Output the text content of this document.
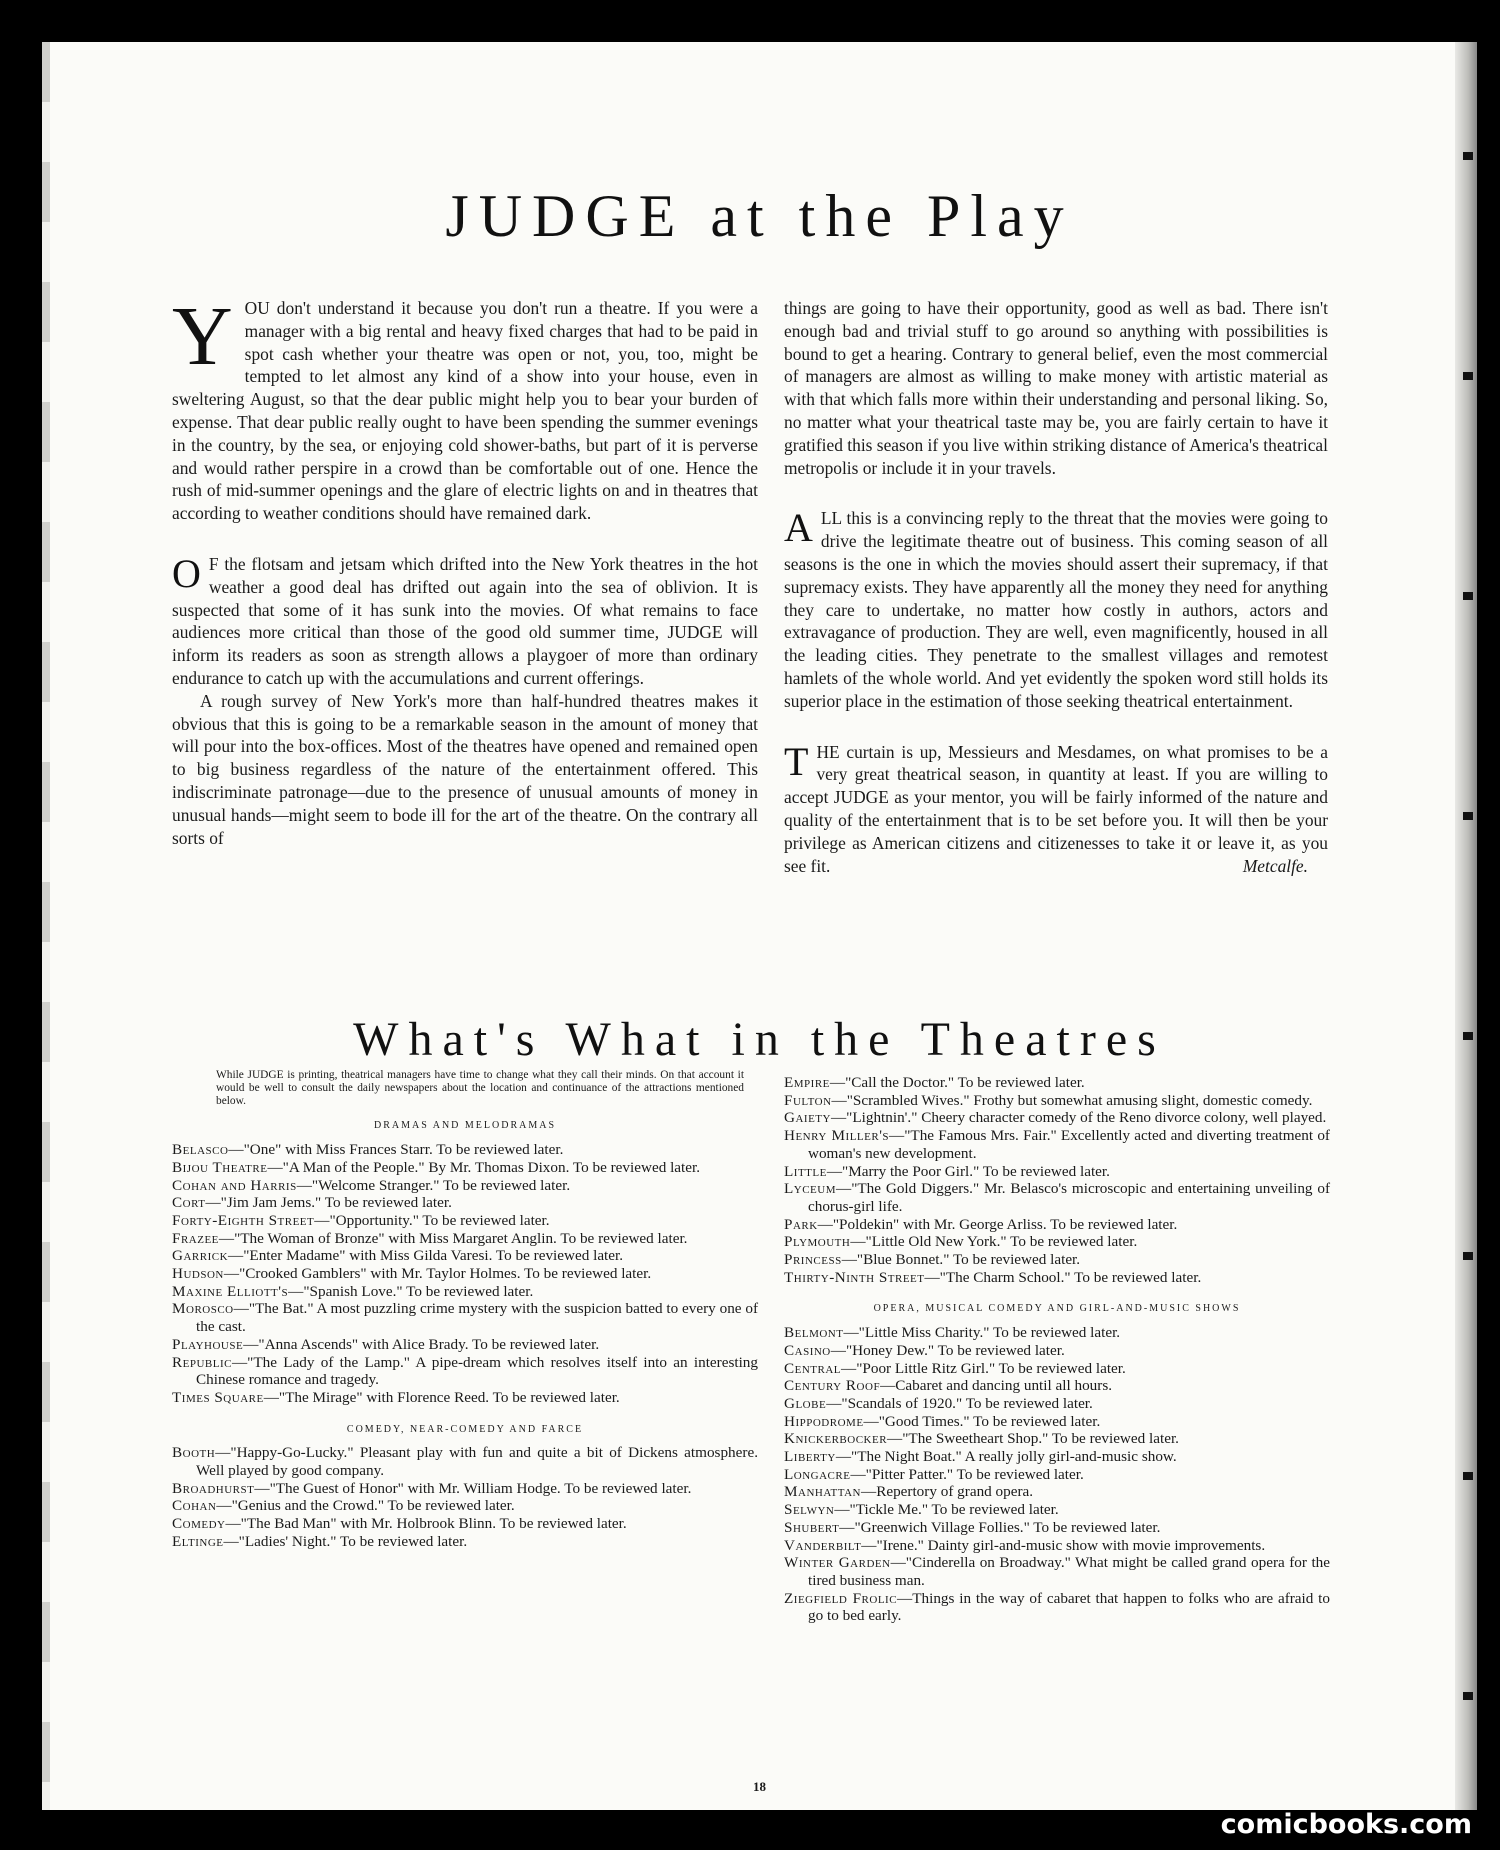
JUDGE at the Play

YOU don't understand it because you don't run a theatre. If you were a manager with a big rental and heavy fixed charges that had to be paid in spot cash whether your theatre was open or not, you, too, might be tempted to let almost any kind of a show into your house, even in sweltering August, so that the dear public might help you to bear your burden of expense. That dear public really ought to have been spending the summer evenings in the country, by the sea, or enjoying cold shower-baths, but part of it is perverse and would rather perspire in a crowd than be comfortable out of one. Hence the rush of mid-summer openings and the glare of electric lights on and in theatres that according to weather conditions should have remained dark.

O F the flotsam and jetsam which drifted into the New York theatres in the hot weather a good deal has drifted out again into the sea of oblivion. It is suspected that some of it has sunk into the movies. Of what remains to face audiences more critical than those of the good old summer time, JUDGE will inform its readers as soon as strength allows a playgoer of more than ordinary endurance to catch up with the accumulations and current offerings.

A rough survey of New York's more than half-hundred theatres makes it obvious that this is going to be a remarkable season in the amount of money that will pour into the box-offices. Most of the theatres have opened and remained open to big business regardless of the nature of the entertainment offered. This indiscriminate patronage—due to the presence of unusual amounts of money in unusual hands—might seem to bode ill for the art of the theatre. On the contrary all sorts of

things are going to have their opportunity, good as well as bad. There isn't enough bad and trivial stuff to go around so anything with possibilities is bound to get a hearing. Contrary to general belief, even the most commercial of managers are almost as willing to make money with artistic material as with that which falls more within their understanding and personal liking. So, no matter what your theatrical taste may be, you are fairly certain to have it gratified this season if you live within striking distance of America's theatrical metropolis or include it in your travels.

ALL this is a convincing reply to the threat that the movies were going to drive the legitimate theatre out of business. This coming season of all seasons is the one in which the movies should assert their supremacy, if that supremacy exists. They have apparently all the money they need for anything they care to undertake, no matter how costly in authors, actors and extravagance of production. They are well, even magnificently, housed in all the leading cities. They penetrate to the smallest villages and remotest hamlets of the whole world. And yet evidently the spoken word still holds its superior place in the estimation of those seeking theatrical entertainment.

THE curtain is up, Messieurs and Mesdames, on what promises to be a very great theatrical season, in quantity at least. If you are willing to accept JUDGE as your mentor, you will be fairly informed of the nature and quality of the entertainment that is to be set before you. It will then be your privilege as American citizens and citizenesses to take it or leave it, as you see fit.	Metcalfe.

What's What in the Theatres
While JUDGE is printing, theatrical managers have time to change what they call their minds. On that account it would be well to consult the daily newspapers about the location and continuance of the attractions mentioned below.
DRAMAS AND MELODRAMAS
Belasco—"One" with Miss Frances Starr. To be reviewed later.
Bijou Theatre—"A Man of the People." By Mr. Thomas Dixon. To be reviewed later.
Cohan and Harris—"Welcome Stranger." To be reviewed later.
Cort—"Jim Jam Jems." To be reviewed later.
Forty-Eighth Street—"Opportunity." To be reviewed later.
Frazee—"The Woman of Bronze" with Miss Margaret Anglin. To be reviewed later.
Garrick—"Enter Madame" with Miss Gilda Varesi. To be reviewed later.
Hudson—"Crooked Gamblers" with Mr. Taylor Holmes. To be reviewed later.
Maxine Elliott's—"Spanish Love." To be reviewed later.
Morosco—"The Bat." A most puzzling crime mystery with the suspicion batted to every one of the cast.
Playhouse—"Anna Ascends" with Alice Brady. To be reviewed later.
Republic—"The Lady of the Lamp." A pipe-dream which resolves itself into an interesting Chinese romance and tragedy.
Times Square—"The Mirage" with Florence Reed. To be reviewed later.
COMEDY, NEAR-COMEDY AND FARCE
Booth—"Happy-Go-Lucky." Pleasant play with fun and quite a bit of Dickens atmosphere. Well played by good company.
Broadhurst—"The Guest of Honor" with Mr. William Hodge. To be reviewed later.
Cohan—"Genius and the Crowd." To be reviewed later.
Comedy—"The Bad Man" with Mr. Holbrook Blinn. To be reviewed later.
Eltinge—"Ladies' Night." To be reviewed later.
Empire—"Call the Doctor." To be reviewed later.
Fulton—"Scrambled Wives." Frothy but somewhat amusing slight, domestic comedy.
Gaiety—"Lightnin'." Cheery character comedy of the Reno divorce colony, well played.
Henry Miller's—"The Famous Mrs. Fair." Excellently acted and diverting treatment of woman's new development.
Little—"Marry the Poor Girl." To be reviewed later.
Lyceum—"The Gold Diggers." Mr. Belasco's microscopic and entertaining unveiling of chorus-girl life.
Park—"Poldekin" with Mr. George Arliss. To be reviewed later.
Plymouth—"Little Old New York." To be reviewed later.
Princess—"Blue Bonnet." To be reviewed later.
Thirty-Ninth Street—"The Charm School." To be reviewed later.
OPERA, MUSICAL COMEDY AND GIRL-AND-MUSIC SHOWS
Belmont—"Little Miss Charity." To be reviewed later.
Casino—"Honey Dew." To be reviewed later.
Central—"Poor Little Ritz Girl." To be reviewed later.
Century Roof—Cabaret and dancing until all hours.
Globe—"Scandals of 1920." To be reviewed later.
Hippodrome—"Good Times." To be reviewed later.
Knickerbocker—"The Sweetheart Shop." To be reviewed later.
Liberty—"The Night Boat." A really jolly girl-and-music show.
Longacre—"Pitter Patter." To be reviewed later.
Manhattan—Repertory of grand opera.
Selwyn—"Tickle Me." To be reviewed later.
Shubert—"Greenwich Village Follies." To be reviewed later.
Vanderbilt—"Irene." Dainty girl-and-music show with movie improvements.
Winter Garden—"Cinderella on Broadway." What might be called grand opera for the tired business man.
Ziegfield Frolic—Things in the way of cabaret that happen to folks who are afraid to go to bed early.
18
comicbooks.com
